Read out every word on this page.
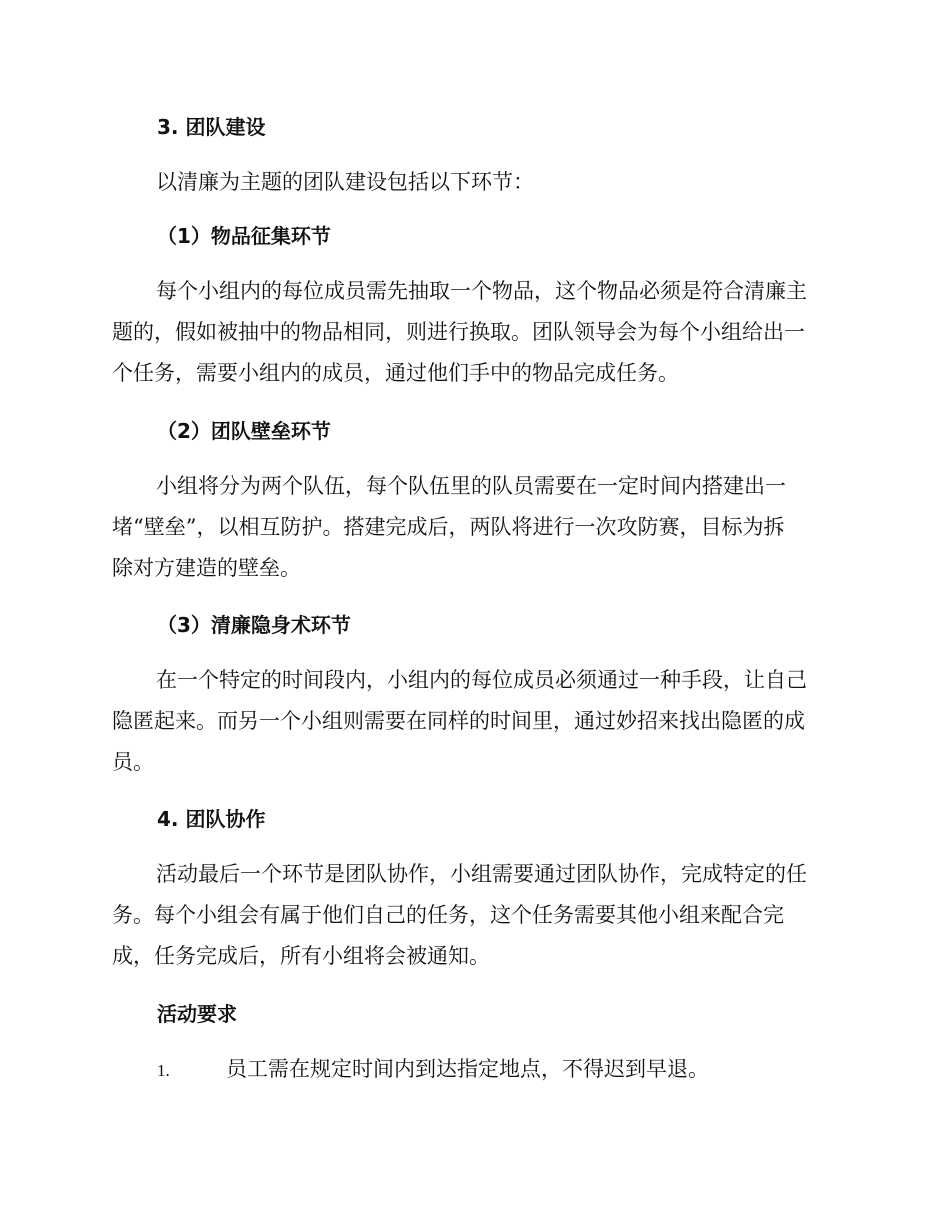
3. 团队建设

以清廉为主题的团队建设包括以下环节：

（1）物品征集环节

每个小组内的每位成员需先抽取一个物品，这个物品必须是符合清廉主
题的，假如被抽中的物品相同，则进行换取。团队领导会为每个小组给出一
个任务，需要小组内的成员，通过他们手中的物品完成任务。

（2）团队壁垒环节

小组将分为两个队伍，每个队伍里的队员需要在一定时间内搭建出一
堵“壁垒”，以相互防护。搭建完成后，两队将进行一次攻防赛，目标为拆
除对方建造的壁垒。

（3）清廉隐身术环节

在一个特定的时间段内，小组内的每位成员必须通过一种手段，让自己
隐匿起来。而另一个小组则需要在同样的时间里，通过妙招来找出隐匿的成
员。

4. 团队协作

活动最后一个环节是团队协作，小组需要通过团队协作，完成特定的任
务。每个小组会有属于他们自己的任务，这个任务需要其他小组来配合完
成，任务完成后，所有小组将会被通知。

活动要求

1.	员工需在规定时间内到达指定地点，不得迟到早退。
